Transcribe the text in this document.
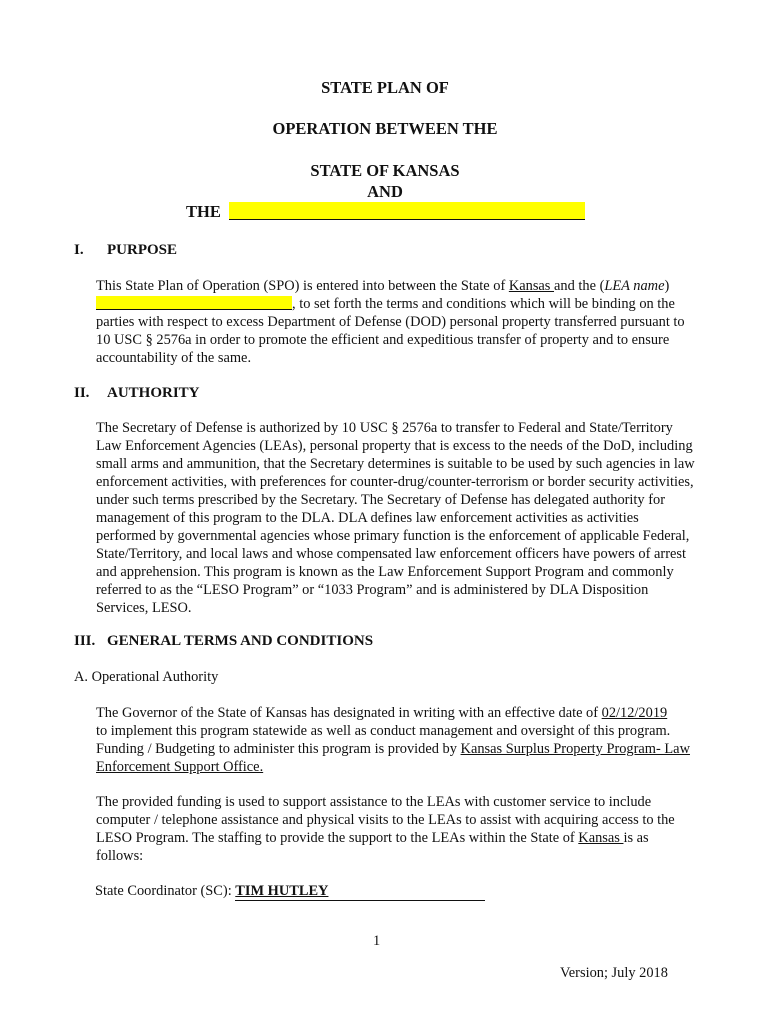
STATE PLAN OF
OPERATION BETWEEN THE
STATE OF KANSAS
AND
THE
I. PURPOSE
This State Plan of Operation (SPO) is entered into between the State of Kansas and the (LEA name)
, to set forth the terms and conditions which will be binding on the
parties with respect to excess Department of Defense (DOD) personal property transferred pursuant to
10 USC § 2576a in order to promote the efficient and expeditious transfer of property and to ensure
accountability of the same.
II. AUTHORITY
The Secretary of Defense is authorized by 10 USC § 2576a to transfer to Federal and State/Territory
Law Enforcement Agencies (LEAs), personal property that is excess to the needs of the DoD, including
small arms and ammunition, that the Secretary determines is suitable to be used by such agencies in law
enforcement activities, with preferences for counter-drug/counter-terrorism or border security activities,
under such terms prescribed by the Secretary. The Secretary of Defense has delegated authority for
management of this program to the DLA. DLA defines law enforcement activities as activities
performed by governmental agencies whose primary function is the enforcement of applicable Federal,
State/Territory, and local laws and whose compensated law enforcement officers have powers of arrest
and apprehension. This program is known as the Law Enforcement Support Program and commonly
referred to as the “LESO Program” or “1033 Program” and is administered by DLA Disposition
Services, LESO.
III. GENERAL TERMS AND CONDITIONS
A. Operational Authority
The Governor of the State of Kansas has designated in writing with an effective date of 02/12/2019
to implement this program statewide as well as conduct management and oversight of this program.
Funding / Budgeting to administer this program is provided by Kansas Surplus Property Program- Law
Enforcement Support Office.
The provided funding is used to support assistance to the LEAs with customer service to include
computer / telephone assistance and physical visits to the LEAs to assist with acquiring access to the
LESO Program. The staffing to provide the support to the LEAs within the State of Kansas is as
follows:
State Coordinator (SC): TIM HUTLEY
1
Version; July 2018
